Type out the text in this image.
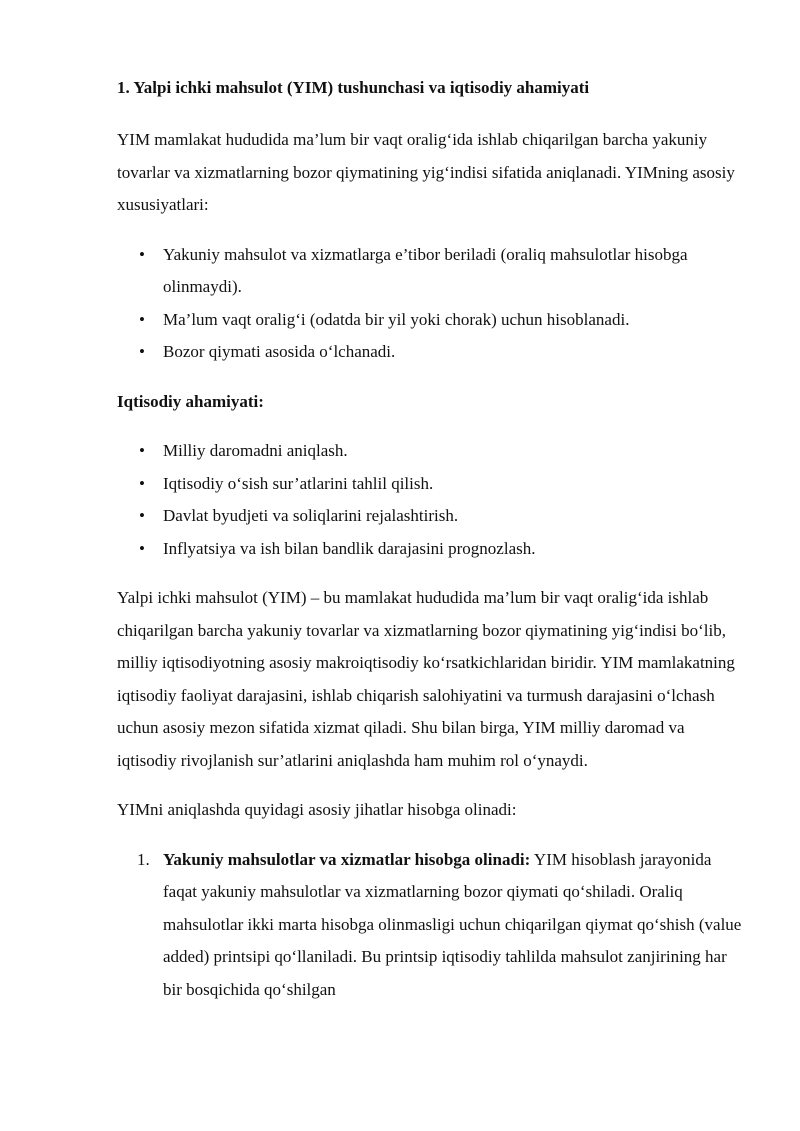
1. Yalpi ichki mahsulot (YIM) tushunchasi va iqtisodiy ahamiyati

YIM mamlakat hududida ma’lum bir vaqt oralig‘ida ishlab chiqarilgan barcha yakuniy tovarlar va xizmatlarning bozor qiymatining yig‘indisi sifatida aniqlanadi. YIMning asosiy xususiyatlari:

• Yakuniy mahsulot va xizmatlarga e’tibor beriladi (oraliq mahsulotlar hisobga olinmaydi).
• Ma’lum vaqt oralig‘i (odatda bir yil yoki chorak) uchun hisoblanadi.
• Bozor qiymati asosida o‘lchanadi.

Iqtisodiy ahamiyati:

• Milliy daromadni aniqlash.
• Iqtisodiy o‘sish sur’atlarini tahlil qilish.
• Davlat byudjeti va soliqlarini rejalashtirish.
• Inflyatsiya va ish bilan bandlik darajasini prognozlash.

Yalpi ichki mahsulot (YIM) – bu mamlakat hududida ma’lum bir vaqt oralig‘ida ishlab chiqarilgan barcha yakuniy tovarlar va xizmatlarning bozor qiymatining yig‘indisi bo‘lib, milliy iqtisodiyotning asosiy makroiqtisodiy ko‘rsatkichlaridan biridir. YIM mamlakatning iqtisodiy faoliyat darajasini, ishlab chiqarish salohiyatini va turmush darajasini o‘lchash uchun asosiy mezon sifatida xizmat qiladi. Shu bilan birga, YIM milliy daromad va iqtisodiy rivojlanish sur’atlarini aniqlashda ham muhim rol o‘ynaydi.

YIMni aniqlashda quyidagi asosiy jihatlar hisobga olinadi:

1. Yakuniy mahsulotlar va xizmatlar hisobga olinadi: YIM hisoblash jarayonida faqat yakuniy mahsulotlar va xizmatlarning bozor qiymati qo‘shiladi. Oraliq mahsulotlar ikki marta hisobga olinmasligi uchun chiqarilgan qiymat qo‘shish (value added) printsipi qo‘llaniladi. Bu printsip iqtisodiy tahlilda mahsulot zanjirining har bir bosqichida qo‘shilgan
